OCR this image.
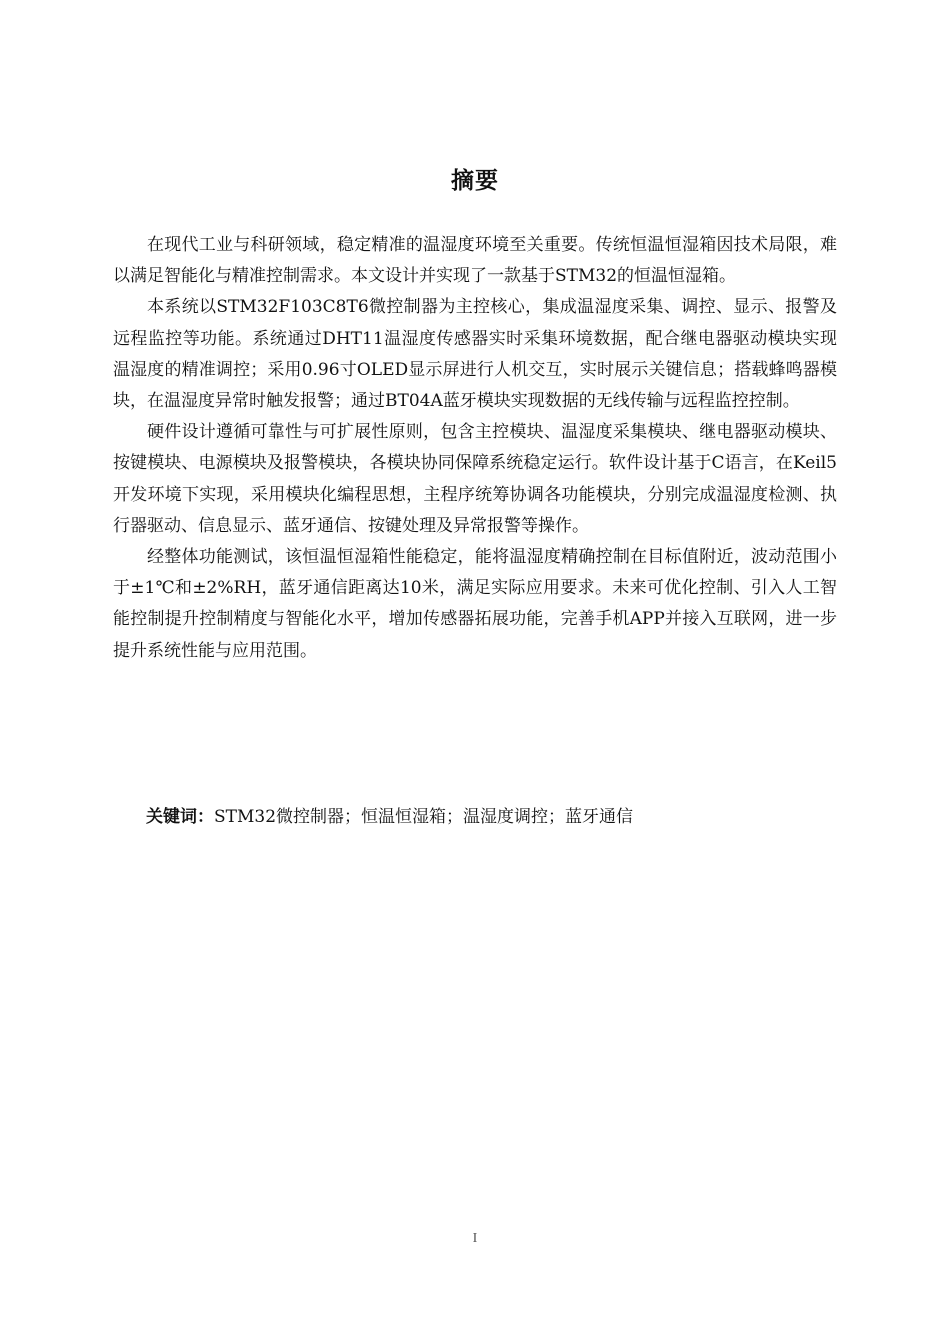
摘要

在现代工业与科研领域，稳定精准的温湿度环境至关重要。传统恒温恒湿箱因技术局限，难以满足智能化与精准控制需求。本文设计并实现了一款基于STM32的恒温恒湿箱。

本系统以STM32F103C8T6微控制器为主控核心，集成温湿度采集、调控、显示、报警及远程监控等功能。系统通过DHT11温湿度传感器实时采集环境数据，配合继电器驱动模块实现温湿度的精准调控；采用0.96寸OLED显示屏进行人机交互，实时展示关键信息；搭载蜂鸣器模块，在温湿度异常时触发报警；通过BT04A蓝牙模块实现数据的无线传输与远程监控控制。

硬件设计遵循可靠性与可扩展性原则，包含主控模块、温湿度采集模块、继电器驱动模块、按键模块、电源模块及报警模块，各模块协同保障系统稳定运行。软件设计基于C语言，在Keil5开发环境下实现，采用模块化编程思想，主程序统筹协调各功能模块，分别完成温湿度检测、执行器驱动、信息显示、蓝牙通信、按键处理及异常报警等操作。

经整体功能测试，该恒温恒湿箱性能稳定，能将温湿度精确控制在目标值附近，波动范围小于±1℃和±2%RH，蓝牙通信距离达10米，满足实际应用要求。未来可优化控制、引入人工智能控制提升控制精度与智能化水平，增加传感器拓展功能，完善手机APP并接入互联网，进一步提升系统性能与应用范围。

关键词：STM32微控制器；恒温恒湿箱；温湿度调控；蓝牙通信
I
